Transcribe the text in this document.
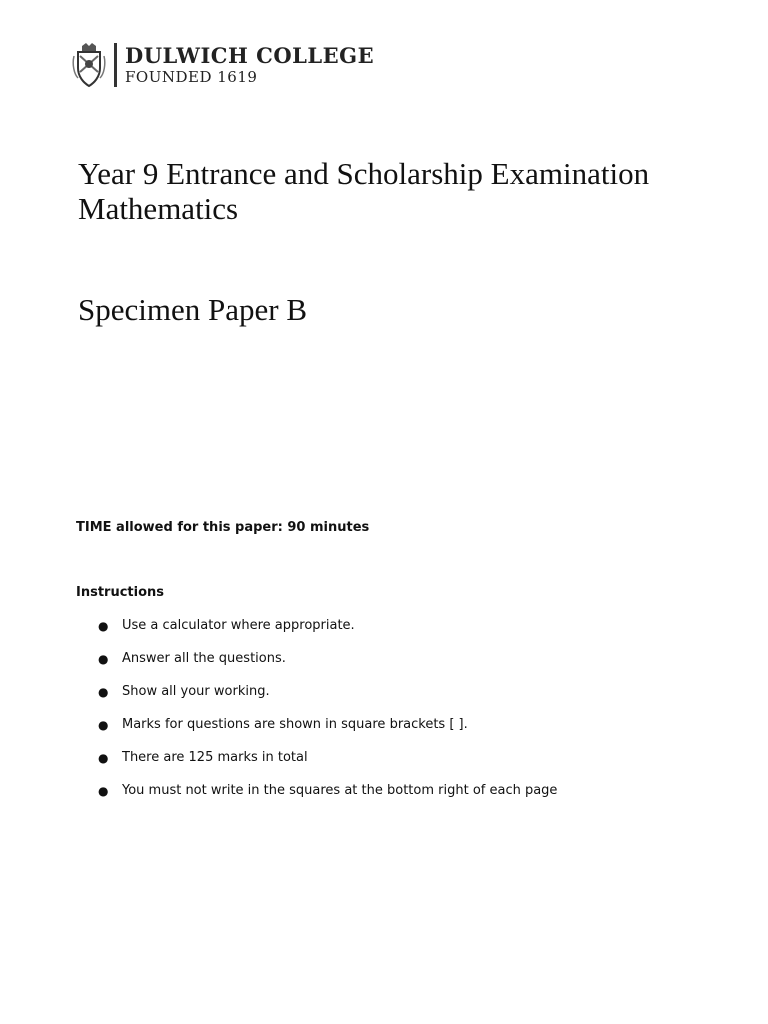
DULWICH COLLEGE
FOUNDED 1619
Year 9 Entrance and Scholarship Examination
Mathematics
Specimen Paper B
TIME allowed for this paper: 90 minutes
Instructions
●	Use a calculator where appropriate.
●	Answer all the questions.
●	Show all your working.
●	Marks for questions are shown in square brackets [ ].
●	There are 125 marks in total
●	You must not write in the squares at the bottom right of each page
